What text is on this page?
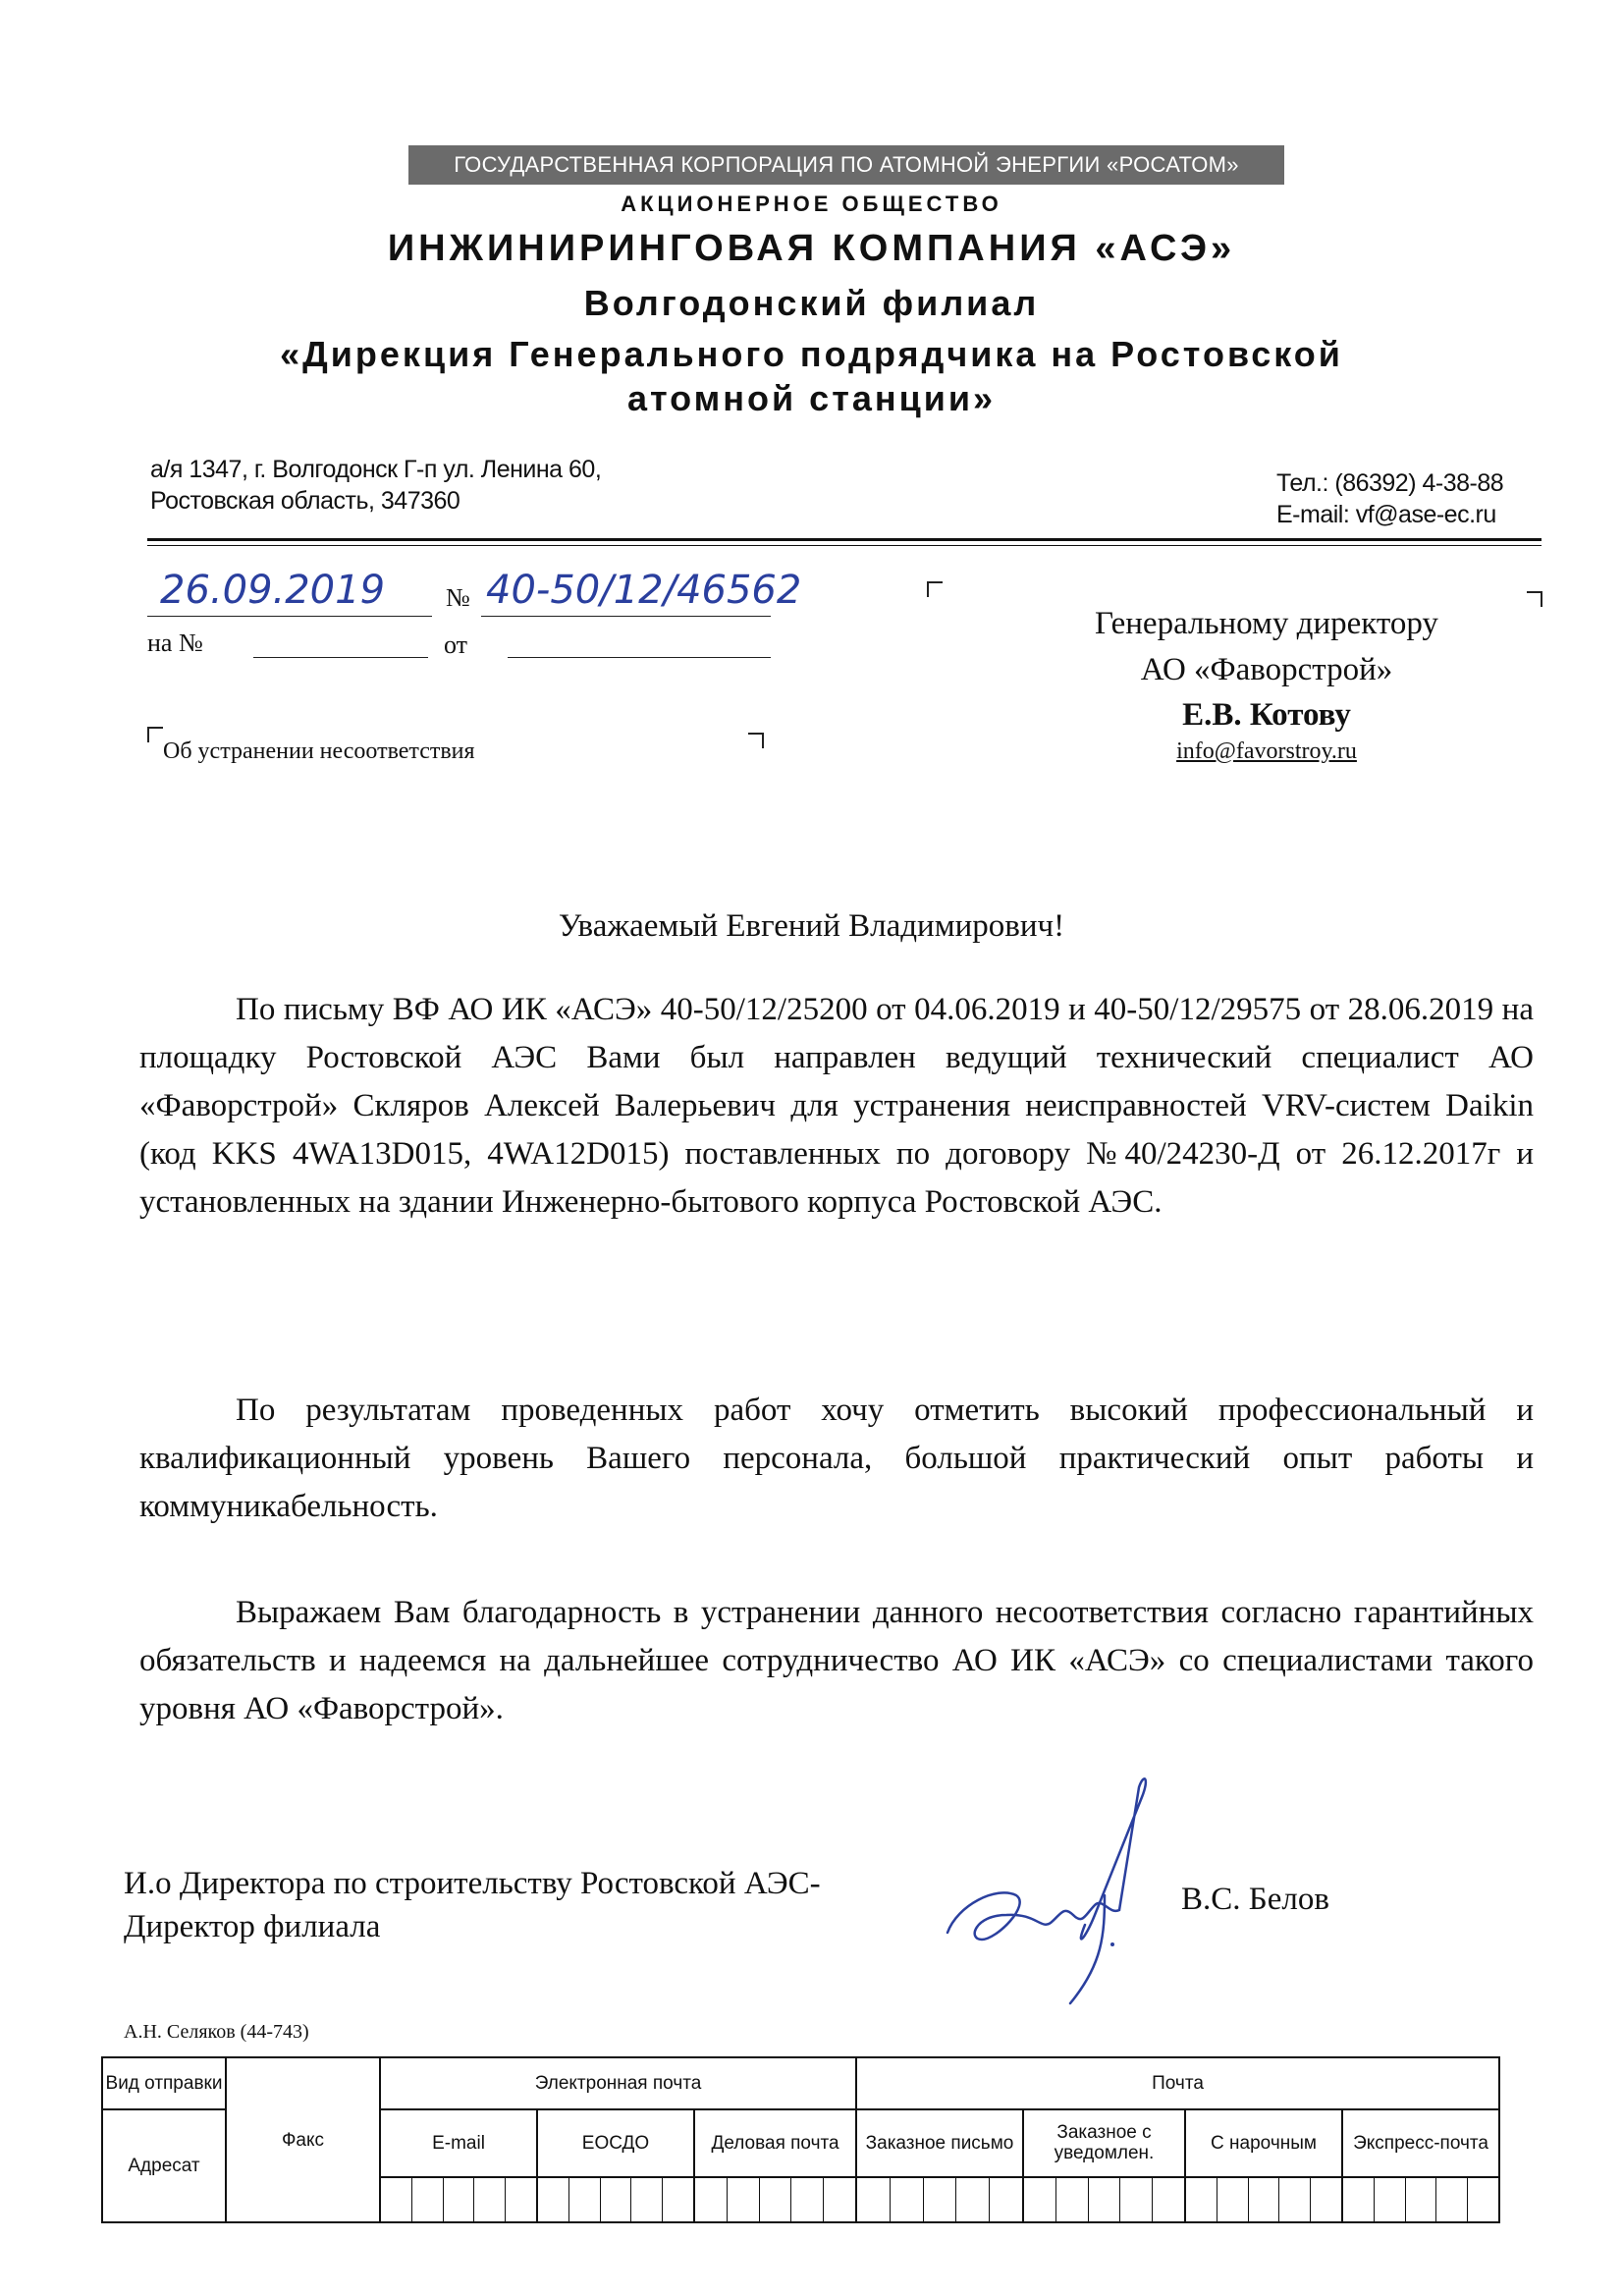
ГОСУДАРСТВЕННАЯ КОРПОРАЦИЯ ПО АТОМНОЙ ЭНЕРГИИ «РОСАТОМ»
АКЦИОНЕРНОЕ ОБЩЕСТВО
ИНЖИНИРИНГОВАЯ КОМПАНИЯ «АСЭ»
Волгодонский филиал
«Дирекция Генерального подрядчика на Ростовской
атомной станции»
а/я 1347, г. Волгодонск Г-п ул. Ленина 60,
Ростовская область, 347360
Тел.: (86392) 4-38-88
E-mail: vf@ase-ec.ru
26.09.2019 № 40-50/12/46562
на №	от
Об устранении несоответствия
Генеральному директору
АО «Фаворстрой»
Е.В. Котову
info@favorstroy.ru
Уважаемый Евгений Владимирович!

По письму ВФ АО ИК «АСЭ» 40-50/12/25200 от 04.06.2019 и 40-50/12/29575 от 28.06.2019 на площадку Ростовской АЭС Вами был направлен ведущий технический специалист АО «Фаворстрой» Скляров Алексей Валерьевич для устранения неисправностей VRV-систем Daikin (код KKS 4WA13D015, 4WA12D015) поставленных по договору №40/24230-Д от 26.12.2017г и установленных на здании Инженерно-бытового корпуса Ростовской АЭС.

По результатам проведенных работ хочу отметить высокий профессиональный и квалификационный уровень Вашего персонала, большой практический опыт работы и коммуникабельность.

Выражаем Вам благодарность в устранении данного несоответствия согласно гарантийных обязательств и надеемся на дальнейшее сотрудничество АО ИК «АСЭ» со специалистами такого уровня АО «Фаворстрой».

И.о Директора по строительству Ростовской АЭС-
Директор филиала
В.С. Белов
А.Н. Селяков (44-743)
Вид отправки	Факс	Электронная почта			Почта			
Адресат		E-mail	ЕОСДО	Деловая почта	Заказное письмо	Заказное с уведомлен.	С нарочным	Экспресс-почта
